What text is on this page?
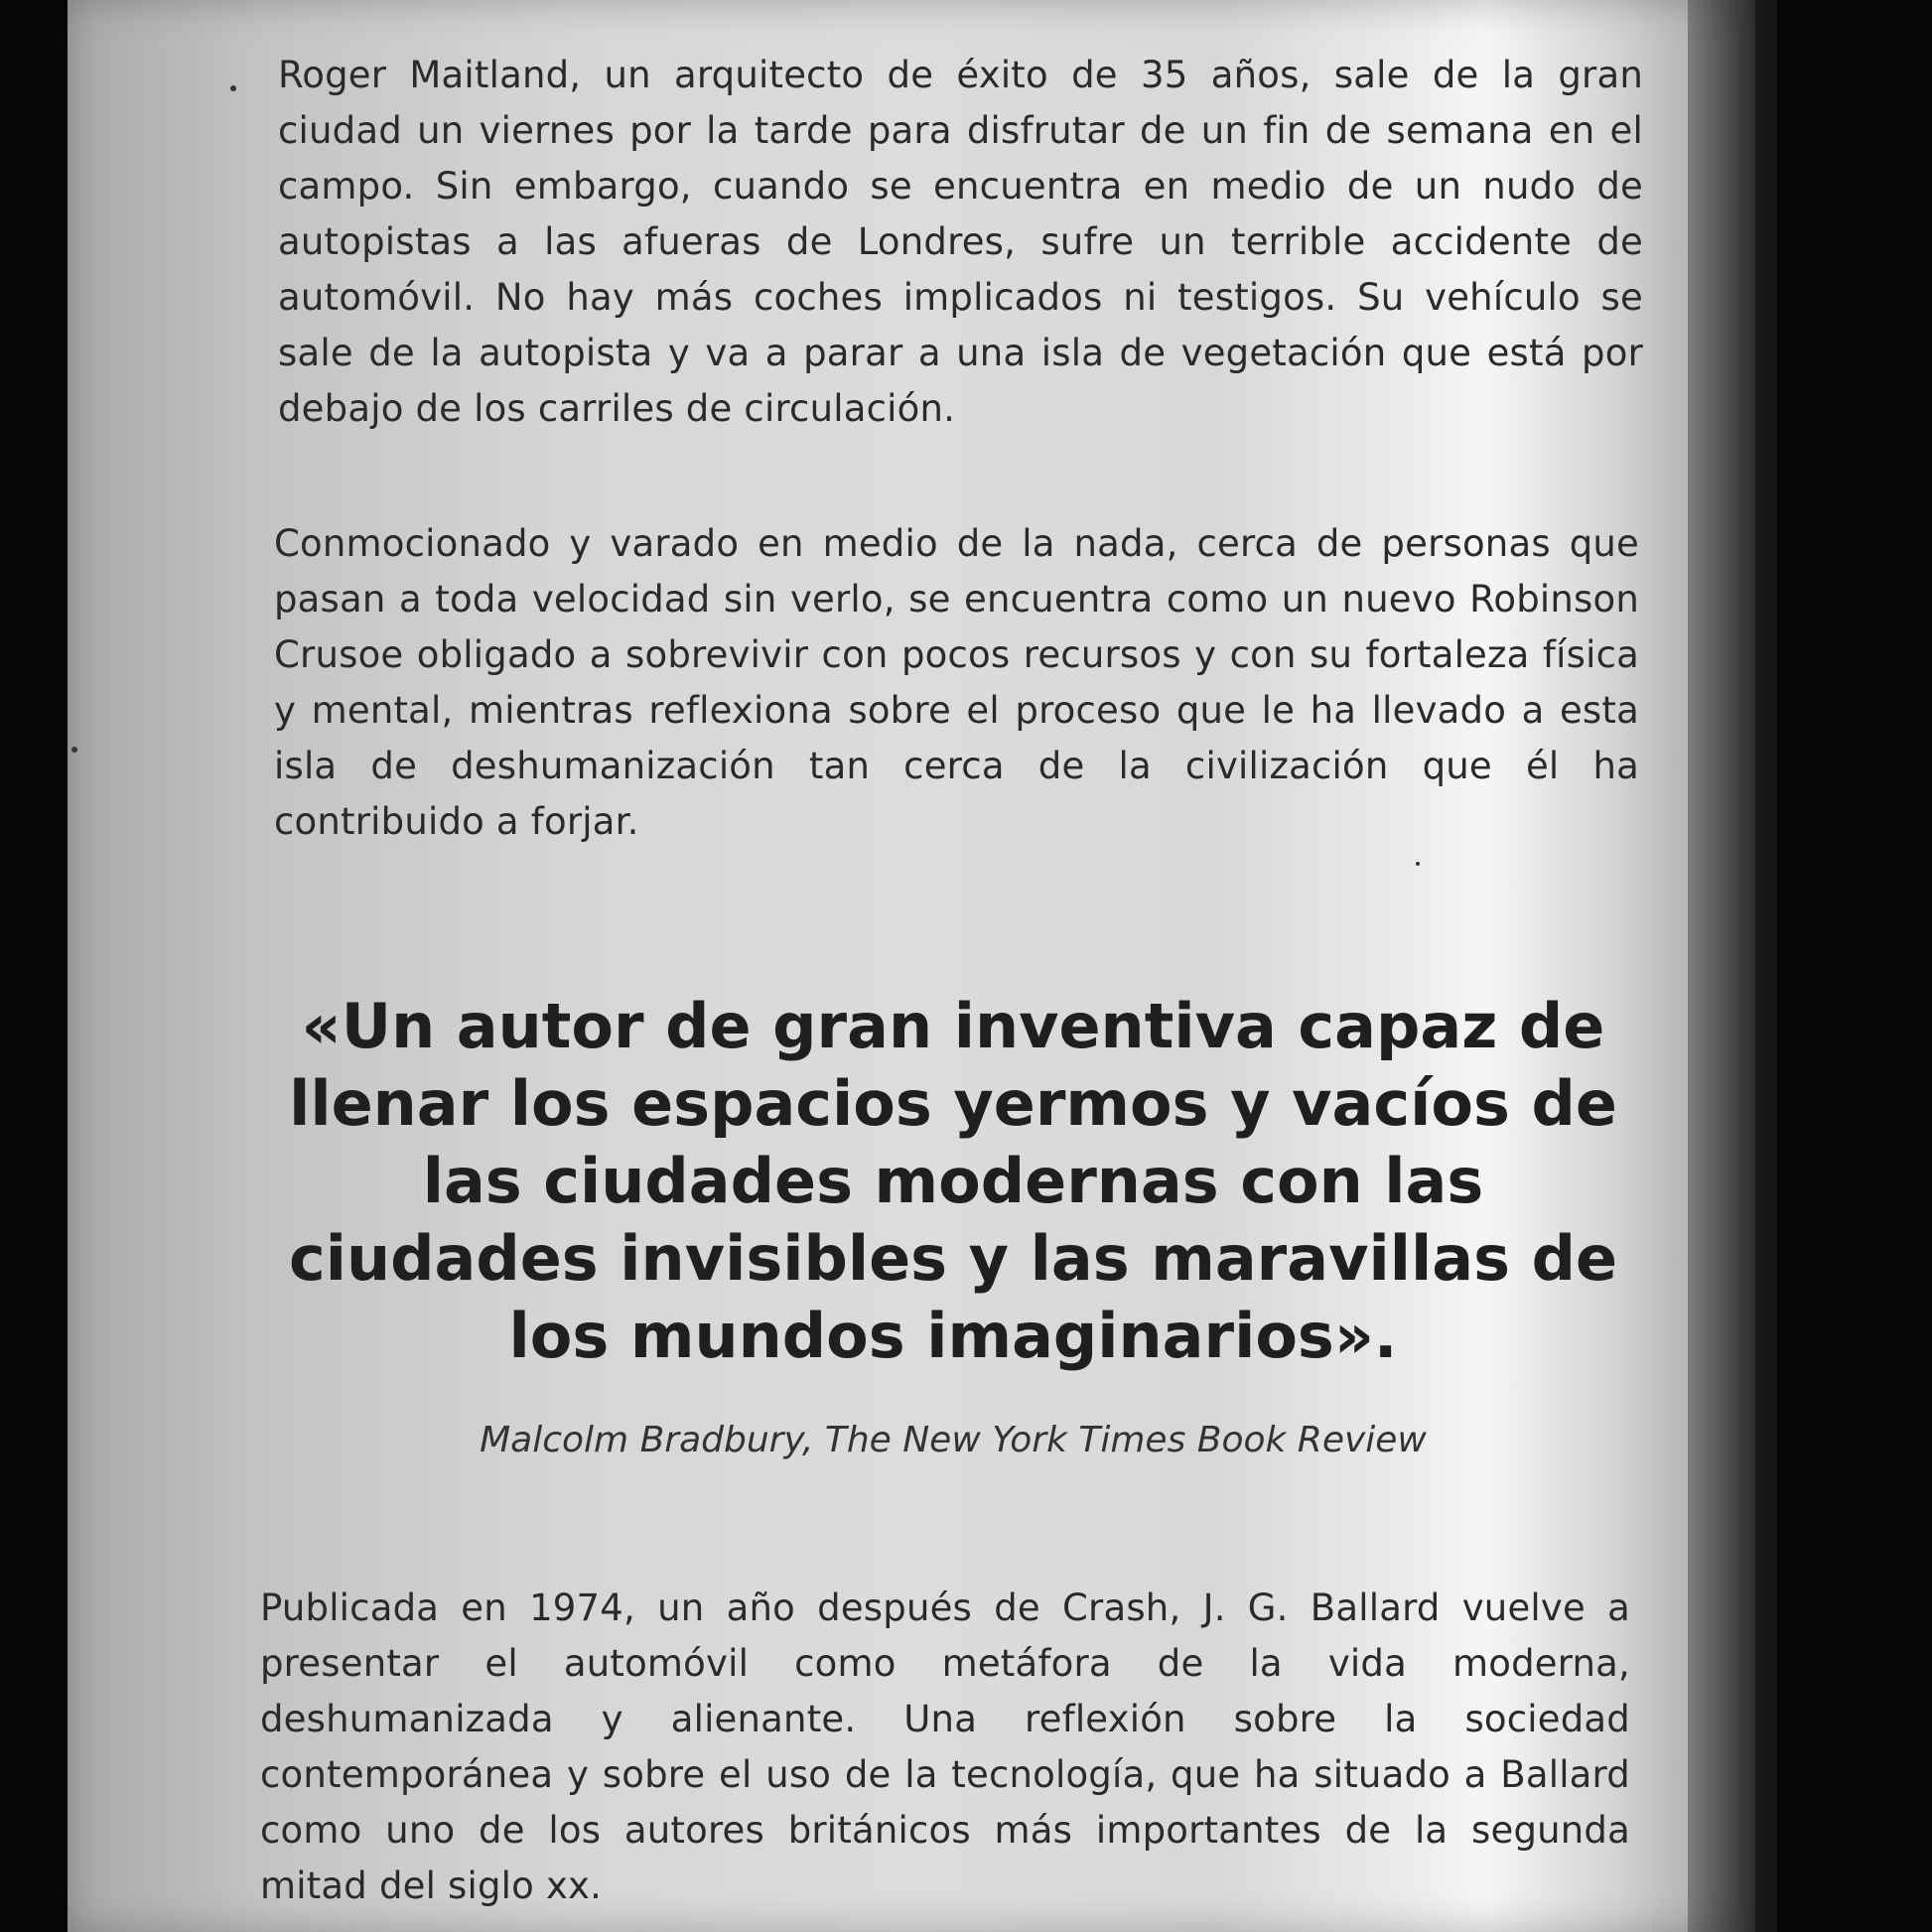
Roger Maitland, un arquitecto de éxito de 35 años, sale de la gran ciudad un viernes por la tarde para disfrutar de un fin de semana en el campo. Sin embargo, cuando se encuentra en medio de un nudo de autopistas a las afueras de Londres, sufre un terrible accidente de automóvil. No hay más coches implicados ni testigos. Su vehículo se sale de la autopista y va a parar a una isla de vegetación que está por debajo de los carriles de circulación.

Conmocionado y varado en medio de la nada, cerca de personas que pasan a toda velocidad sin verlo, se encuentra como un nuevo Robinson Crusoe obligado a sobrevivir con pocos recursos y con su fortaleza física y mental, mientras reflexiona sobre el proceso que le ha llevado a esta isla de deshumanización tan cerca de la civilización que él ha contribuido a forjar.

«Un autor de gran inventiva capaz de llenar los espacios yermos y vacíos de las ciudades modernas con las ciudades invisibles y las maravillas de los mundos imaginarios».
Malcolm Bradbury, The New York Times Book Review

Publicada en 1974, un año después de Crash, J. G. Ballard vuelve a presentar el automóvil como metáfora de la vida moderna, deshumanizada y alienante. Una reflexión sobre la sociedad contemporánea y sobre el uso de la tecnología, que ha situado a Ballard como uno de los autores británicos más importantes de la segunda mitad del siglo xx.
